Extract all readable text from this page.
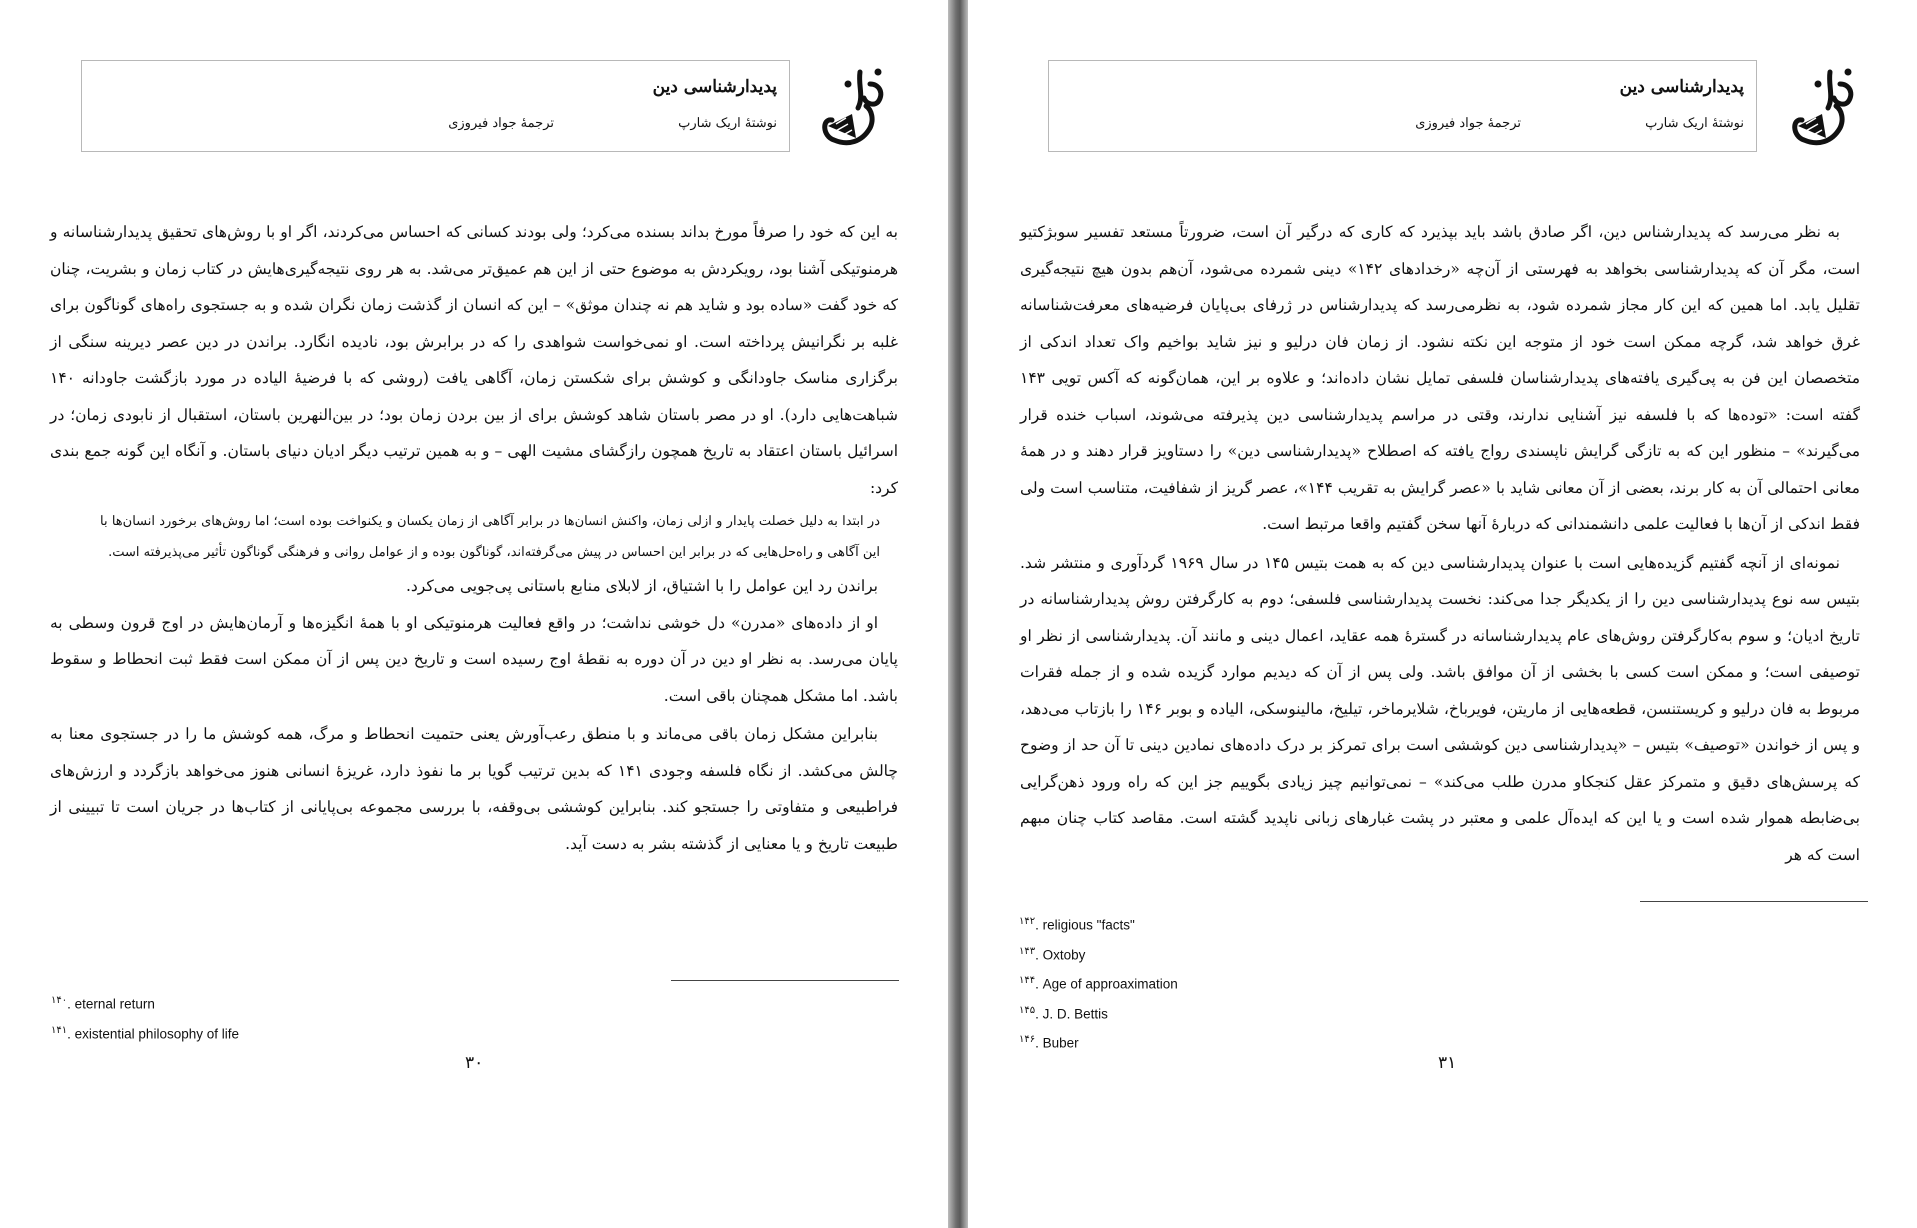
پدیدارشناسی دین
نوشتۀ اریک شارپ
ترجمۀ جواد فیروزی

به این که خود را صرفاً مورخ بداند بسنده می‌کرد؛ ولی بودند کسانی که احساس می‌کردند، اگر او با روش‌های تحقیق پدیدارشناسانه و هرمنوتیکی آشنا بود، رویکردش به موضوع حتی از این هم عمیق‌تر می‌شد. به هر روی نتیجه‌گیری‌هایش در کتاب زمان و بشریت، چنان که خود گفت «ساده بود و شاید هم نه چندان موثق» – این که انسان از گذشت زمان نگران شده و به جستجوی راه‌های گوناگون برای غلبه بر نگرانیش پرداخته است. او نمی‌خواست شواهدی را که در برابرش بود، نادیده انگارد. براندن در دین عصر دیرینه سنگی از برگزاری مناسک جاودانگی و کوشش برای شکستن زمان، آگاهی یافت (روشی که با فرضیۀ الیاده در مورد بازگشت جاودانه ۱۴۰ شباهت‌هایی دارد). او در مصر باستان شاهد کوشش برای از بین بردن زمان بود؛ در بین‌النهرین باستان، استقبال از نابودی زمان؛ در اسرائیل باستان اعتقاد به تاریخ همچون رازگشای مشیت الهی – و به همین ترتیب دیگر ادیان دنیای باستان. و آنگاه این گونه جمع بندی کرد:

در ابتدا به دلیل خصلت پایدار و ازلی زمان، واکنش انسان‌ها در برابر آگاهی از زمان یکسان و یکنواخت بوده است؛ اما روش‌های برخورد انسان‌ها با این آگاهی و راه‌حل‌هایی که در برابر این احساس در پیش می‌گرفته‌اند، گوناگون بوده و از عوامل روانی و فرهنگی گوناگون تأثیر می‌پذیرفته است.

براندن رد این عوامل را با اشتیاق، از لابلای منابع باستانی پی‌جویی می‌کرد.

او از داده‌های «مدرن» دل خوشی نداشت؛ در واقع فعالیت هرمنوتیکی او با همۀ انگیزه‌ها و آرمان‌هایش در اوج قرون وسطی به پایان می‌رسد. به نظر او دین در آن دوره به نقطۀ اوج رسیده است و تاریخ دین پس از آن ممکن است فقط ثبت انحطاط و سقوط باشد. اما مشکل همچنان باقی است.

بنابراین مشکل زمان باقی می‌ماند و با منطق رعب‌آورش یعنی حتمیت انحطاط و مرگ، همه کوشش ما را در جستجوی معنا به چالش می‌کشد. از نگاه فلسفه وجودی ۱۴۱ که بدین ترتیب گویا بر ما نفوذ دارد، غریزۀ انسانی هنوز می‌خواهد بازگردد و ارزش‌های فراطبیعی و متفاوتی را جستجو کند. بنابراین کوششی بی‌وقفه، با بررسی مجموعه بی‌پایانی از کتاب‌ها در جریان است تا تبیینی از طبیعت تاریخ و یا معنایی از گذشته بشر به دست آید.

$^{۱۴۰}$. eternal return
$^{۱۴۱}$. existential philosophy of life
۳۰
پدیدارشناسی دین
نوشتۀ اریک شارپ
ترجمۀ جواد فیروزی

به نظر می‌رسد که پدیدارشناس دین، اگر صادق باشد باید بپذیرد که کاری که درگیر آن است، ضرورتاً مستعد تفسیر سوبژکتیو است، مگر آن که پدیدارشناسی بخواهد به فهرستی از آن‌چه «رخدادهای ۱۴۲» دینی شمرده می‌شود، آن‌هم بدون هیچ نتیجه‌گیری تقلیل یابد. اما همین که این کار مجاز شمرده شود، به نظرمی‌رسد که پدیدارشناس در ژرفای بی‌پایان فرضیه‌های معرفت‌شناسانه غرق خواهد شد، گرچه ممکن است خود از متوجه این نکته نشود. از زمان فان درلیو و نیز شاید بواخیم واک تعداد اندکی از متخصصان این فن به پی‌گیری یافته‌های پدیدارشناسان فلسفی تمایل نشان داده‌اند؛ و علاوه بر این، همان‌گونه که آکس تویی ۱۴۳ گفته است: «توده‌ها که با فلسفه نیز آشنایی ندارند، وقتی در مراسم پدیدارشناسی دین پذیرفته می‌شوند، اسباب خنده قرار می‌گیرند» – منظور این که به تازگی گرایش ناپسندی رواج یافته که اصطلاح «پدیدارشناسی دین» را دستاویز قرار دهند و در همۀ معانی احتمالی آن به کار برند، بعضی از آن معانی شاید با «عصر گرایش به تقریب ۱۴۴»، عصر گریز از شفافیت، متناسب است ولی فقط اندکی از آن‌ها با فعالیت علمی دانشمندانی که دربارۀ آنها سخن گفتیم واقعا مرتبط است.

نمونه‌ای از آنچه گفتیم گزیده‌هایی است با عنوان پدیدارشناسی دین که به همت بتیس ۱۴۵ در سال ۱۹۶۹ گردآوری و منتشر شد. بتیس سه نوع پدیدارشناسی دین را از یکدیگر جدا می‌کند: نخست پدیدارشناسی فلسفی؛ دوم به کارگرفتن روش پدیدارشناسانه در تاریخ ادیان؛ و سوم به‌کارگرفتن روش‌های عام پدیدارشناسانه در گسترۀ همه عقاید، اعمال دینی و مانند آن. پدیدارشناسی از نظر او توصیفی است؛ و ممکن است کسی با بخشی از آن موافق باشد. ولی پس از آن که دیدیم موارد گزیده شده و از جمله فقرات مربوط به فان درلیو و کریستنسن، قطعه‌هایی از ماریتن، فویرباخ، شلایرماخر، تیلیخ، مالینوسکی، الیاده و بوبر ۱۴۶ را بازتاب می‌دهد، و پس از خواندن «توصیف» بتیس – «پدیدارشناسی دین کوششی است برای تمرکز بر درک داده‌های نمادین دینی تا آن حد از وضوح که پرسش‌های دقیق و متمرکز عقل کنجکاو مدرن طلب می‌کند» – نمی‌توانیم چیز زیادی بگوییم جز این که راه ورود ذهن‌گرایی بی‌ضابطه هموار شده است و یا این که ایده‌آل علمی و معتبر در پشت غبارهای زبانی ناپدید گشته است. مقاصد کتاب چنان مبهم است که هر

$^{۱۴۲}$. religious "facts"
$^{۱۴۳}$. Oxtoby
$^{۱۴۴}$. Age of approaximation
$^{۱۴۵}$. J. D. Bettis
$^{۱۴۶}$. Buber
۳۱
